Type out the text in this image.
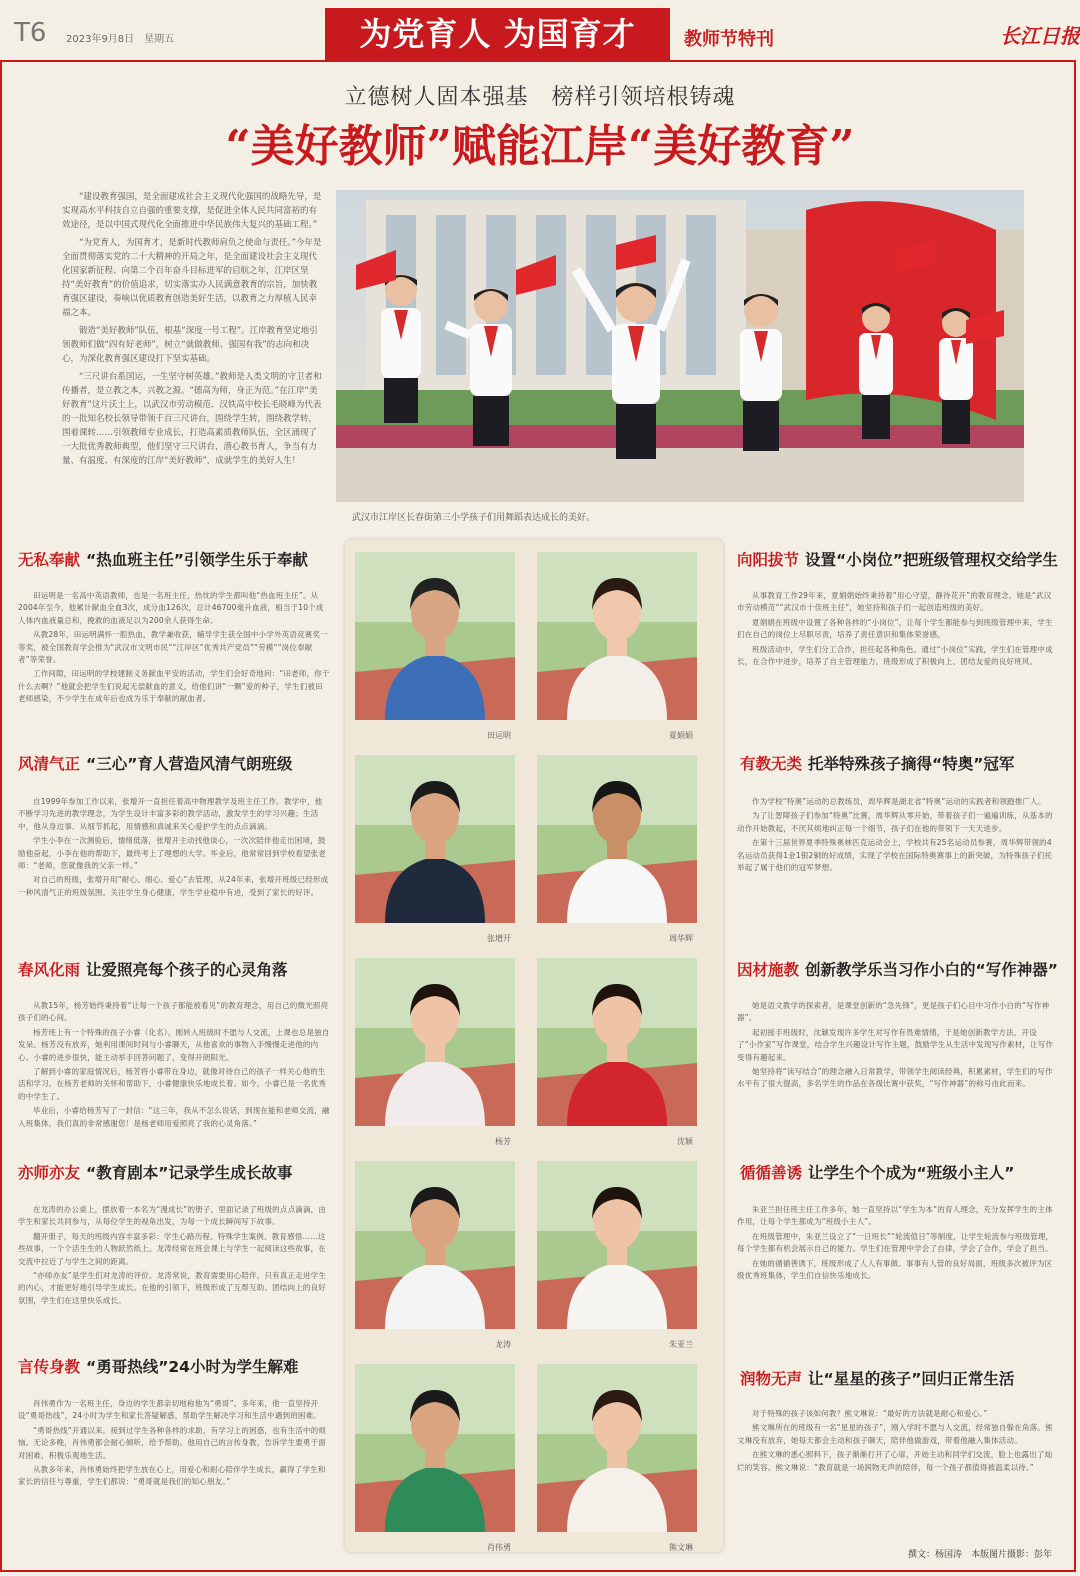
T6 2023年9月8日　星期五	为党育人 为国育才	教师节特刊	长江日报
立德树人固本强基　榜样引领培根铸魂
“美好教师”赋能江岸“美好教育”

“建设教育强国，是全面建成社会主义现代化强国的战略先导，是实现高水平科技自立自强的重要支撑，是促进全体人民共同富裕的有效途径，是以中国式现代化全面推进中华民族伟大复兴的基础工程。”

“为党育人，为国育才，是新时代教师肩负之使命与责任。”今年是全面贯彻落实党的二十大精神的开局之年，是全面建设社会主义现代化国家新征程、向第二个百年奋斗目标进军的启航之年，江岸区坚持“美好教育”的价值追求，切实落实办人民满意教育的宗旨，加快教育强区建设，奏响以优质教育创造美好生活，以教育之力厚植人民幸福之本。

锻造“美好教师”队伍，根基“深度一号工程”。江岸教育坚定地引领教师们做“四有好老师”，树立“就做教师、强国有我”的志向和决心，为深化教育强区建设打下坚实基础。

“三尺讲台系国运，一生坚守树英雄。”教师是人类文明的守卫者和传播者，是立教之本，兴教之源。“德高为师，身正为范。”在江岸“美好教育”这片沃土上，以武汉市劳动模范、汉铁高中校长毛晓峰为代表的一批知名校长领导带领千百三尺讲台，围绕学生转，围绕教学转，围着课转……引领教师专业成长，打造高素质教师队伍，全区涌现了一大批优秀教师典型，他们坚守三尺讲台，潜心教书育人，争当有力量、有温度、有深度的江岸“美好教师”，成就学生的美好人生！

武汉市江岸区长春街第三小学孩子们用舞蹈表达成长的美好。
无私奉献 “热血班主任”引领学生乐于奉献

田运明是一名高中英语教师，也是一名班主任，热忱的学生都叫他“热血班主任”。从2004年至今，他累计献血全血3次，成分血126次，总计46700毫升血液，相当于10个成人体内血液量总和，挽救的血液足以为200余人获得生命。

从教28年，田运明满怀一腔热血，教学兼收获，辅导学生获全国中小学外英语竞赛奖一等奖，被全国教育学会推为“武汉市文明市民”“江岸区”优秀共产党员”“劳模”“岗位奉献者”等荣誉。

工作间隙，田运明的学校建制义务献血平安的活动，学生们会好奇地问：“田老师，你干什么去啊？”他就会把学生们说起无偿献血的意义，给他们讲“一颗”爱的种子，学生们被田老师感染，不少学生在成年后也成为乐于奉献的献血者。

风清气正 “三心”育人营造风清气朗班级

自1999年参加工作以来，张增开一直担任着高中物理教学及班主任工作。教学中，他不断学习先进的教学理念，为学生设计丰富多彩的教学活动，激发学生的学习兴趣；生活中，他从身边事、从细节抓起，用情感和真诚来关心爱护学生的点点滴滴。

学生小李在一次测验后，情绪低落，张增开主动找他谈心，一次次陪伴他走出困境，鼓励他奋起，小李在他的帮助下，最终考上了理想的大学。毕业后，他常常回到学校看望张老师：“老师，您就像我的父亲一样。”

对自己的班级，张增开用“耐心、细心、爱心”去管理，从24年来，张增开班级已经形成一种风清气正的班级氛围。关注学生身心健康，学生学业稳中有进，受到了家长的好评。

春风化雨 让爱照亮每个孩子的心灵角落

从教15年，杨芳始终秉持着“让每一个孩子都能被看见”的教育理念，用自己的微光照亮孩子们的心间。

杨芳班上有一个特殊的孩子小睿（化名），刚转入班级时不愿与人交流，上课也总是独自发呆。杨芳没有放弃，她利用课间时间与小睿聊天，从他喜欢的事物入手慢慢走进他的内心。小睿的进步很快，能主动举手回答问题了，变得开朗阳光。

了解到小睿的家庭情况后，杨芳将小睿带在身边，就像对待自己的孩子一样关心他的生活和学习。在杨芳老师的关怀和帮助下，小睿健康快乐地成长着。如今，小睿已是一名优秀的中学生了。

毕业后，小睿给杨芳写了一封信：“这三年，我从不怎么说话，到现在能和老师交流，融入班集体，我们真的非常感谢您！是杨老师用爱照亮了我的心灵角落。”

亦师亦友 “教育剧本”记录学生成长故事

在龙涛的办公桌上，摆放着一本名为“漫成长”的册子，里面记录了班级的点点滴滴，由学生和家长共同参与，从每位学生的视角出发，为每一个成长瞬间写下故事。

翻开册子，每天的班级内容丰富多彩：学生心路历程、特殊学生案例、教育感悟……这些故事，一个个活生生的人物跃然纸上。龙涛经常在班会课上与学生一起阅读这些故事，在交流中拉近了与学生之间的距离。

“亦师亦友”是学生们对龙涛的评价。龙涛常说，教育需要用心陪伴，只有真正走进学生的内心，才能更好地引导学生成长。在他的引领下，班级形成了互帮互助、团结向上的良好氛围，学生们在这里快乐成长。

言传身教 “勇哥热线”24小时为学生解难

肖伟勇作为一名班主任，身边的学生都亲切地称他为“勇哥”。多年来，他一直坚持开设“勇哥热线”，24小时为学生和家长答疑解惑，帮助学生解决学习和生活中遇到的困难。

“勇哥热线”开通以来，接到过学生各种各样的求助，有学习上的困惑，也有生活中的烦恼。无论多晚，肖伟勇都会耐心倾听，给予帮助。他用自己的言传身教，告诉学生要勇于面对困难，积极乐观地生活。

从教多年来，肖伟勇始终把学生放在心上，用爱心和耐心陪伴学生成长，赢得了学生和家长的信任与尊重，学生们都说：“勇哥就是我们的知心朋友。”

田运明	夏娟娟
张增开	周华辉
杨芳	沈颖
龙涛	朱亚兰
肖伟勇	熊文琳
向阳拔节 设置“小岗位”把班级管理权交给学生

从事教育工作29年来，夏娟娟始终秉持着“用心守望，静待花开”的教育理念。她是“武汉市劳动模范”“武汉市十佳班主任”，她坚持和孩子们一起创造班级的美好。

夏娟娟在班级中设置了各种各样的“小岗位”，让每个学生都能参与到班级管理中来，学生们在自己的岗位上尽职尽责，培养了责任意识和集体荣誉感。

班级活动中，学生们分工合作，担任起各种角色。通过“小岗位”实践，学生们在管理中成长，在合作中进步，培养了自主管理能力，班级形成了积极向上、团结友爱的良好班风。

有教无类 托举特殊孩子摘得“特奥”冠军

作为学校“特奥”运动的总教练员，周华辉是湖北省“特奥”运动的实践者和领跑推广人。

为了让智障孩子们参加“特奥”比赛，周华辉从零开始，带着孩子们一遍遍训练，从基本的动作开始教起，不厌其烦地纠正每一个细节，孩子们在他的带领下一天天进步。

在第十三届世界夏季特殊奥林匹克运动会上，学校共有25名运动员参赛，周华辉带领的4名运动员获得1金1银2铜的好成绩，实现了学校在国际特奥赛事上的新突破，为特殊孩子们托举起了属于他们的冠军梦想。

因材施教 创新教学乐当习作小白的“写作神器”

她是语文教学的探索者，是课堂创新的“急先锋”，更是孩子们心目中习作小白的“写作神器”。

起初接手班级时，沈颖发现许多学生对写作有畏难情绪，于是她创新教学方法，开设了“小作家”写作课堂，结合学生兴趣设计写作主题，鼓励学生从生活中发现写作素材，让写作变得有趣起来。

她坚持将“读写结合”的理念融入日常教学，带领学生阅读经典，积累素材，学生们的写作水平有了很大提高，多名学生的作品在各级比赛中获奖，“写作神器”的称号由此而来。

循循善诱 让学生个个成为“班级小主人”

朱亚兰担任班主任工作多年，她一直坚持以“学生为本”的育人理念，充分发挥学生的主体作用，让每个学生都成为“班级小主人”。

在班级管理中，朱亚兰设立了“一日班长”“轮流值日”等制度，让学生轮流参与班级管理，每个学生都有机会展示自己的能力。学生们在管理中学会了自律，学会了合作，学会了担当。

在她的循循善诱下，班级形成了人人有事做、事事有人管的良好局面，班级多次被评为区级优秀班集体，学生们自信快乐地成长。

润物无声 让“星星的孩子”回归正常生活

对于特殊的孩子该如何教？熊文琳说：“最好的方法就是耐心和爱心。”

熊文琳所在的班级有一名“星星的孩子”，刚入学时不愿与人交流，经常独自躲在角落。熊文琳没有放弃，她每天都会主动和孩子聊天，陪伴他做游戏，带着他融入集体活动。

在熊文琳的悉心照料下，孩子渐渐打开了心扉，开始主动和同学们交流，脸上也露出了灿烂的笑容。熊文琳说：“教育就是一场润物无声的陪伴，每一个孩子都值得被温柔以待。”

撰文：杨国涛　本版图片摄影：彭年
